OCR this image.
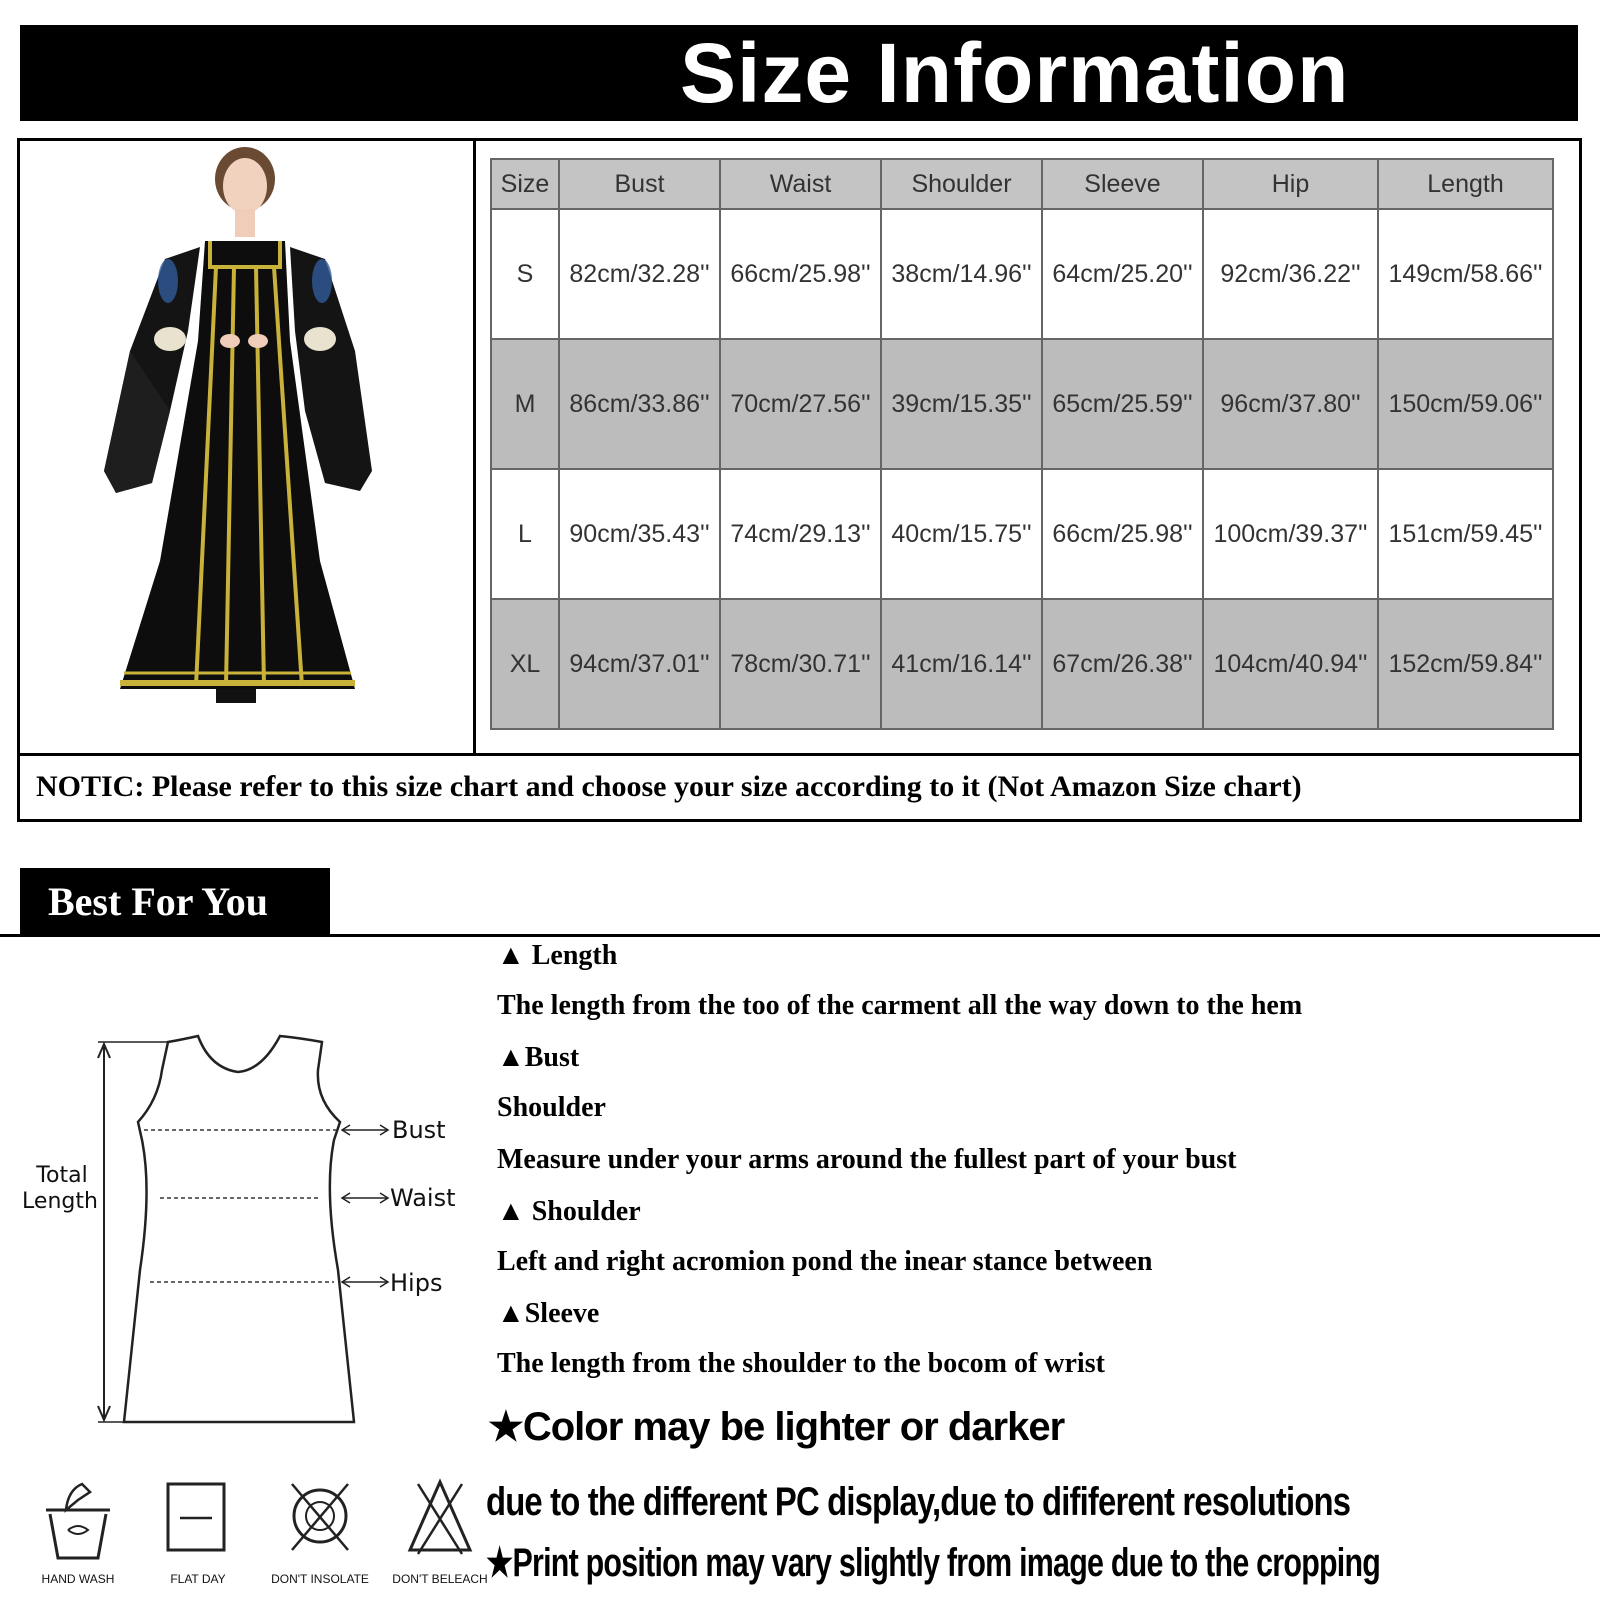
Size Information
Size	Bust	Waist	Shoulder	Sleeve	Hip	Length
S	82cm/32.28''	66cm/25.98''	38cm/14.96''	64cm/25.20''	92cm/36.22''	149cm/58.66''
M	86cm/33.86''	70cm/27.56''	39cm/15.35''	65cm/25.59''	96cm/37.80''	150cm/59.06''
L	90cm/35.43''	74cm/29.13''	40cm/15.75''	66cm/25.98''	100cm/39.37''	151cm/59.45''
XL	94cm/37.01''	78cm/30.71''	41cm/16.14''	67cm/26.38''	104cm/40.94''	152cm/59.84''
NOTIC: Please refer to this size chart and choose your size according to it (Not Amazon Size chart)
Best For You
Total
Length
Bust
Waist
Hips
HAND WASH	FLAT DAY	DON'T INSOLATE	DON'T BELEACH
▲ Length
The length from the too of the carment all the way down to the hem
▲Bust
Shoulder
Measure under your arms around the fullest part of your bust
▲ Shoulder
Left and right acromion pond the inear stance between
▲Sleeve
The length from the shoulder to the bocom of wrist
★Color may be lighter or darker
due to the different PC display,due to dififerent resolutions
★Print position may vary slightly from image due to the cropping
